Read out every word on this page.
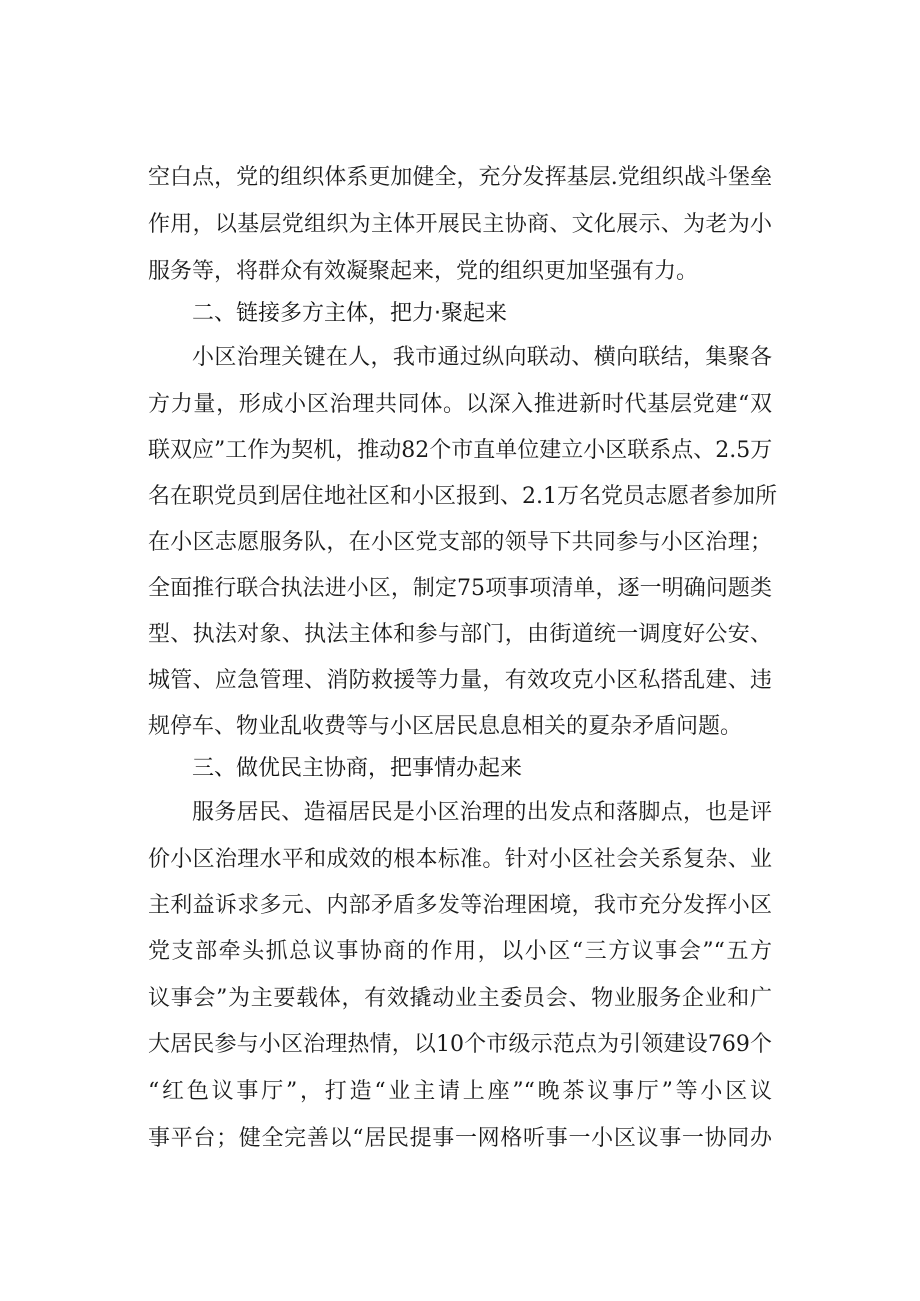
空白点，党的组织体系更加健全，充分发挥基层.党组织战斗堡垒
作用，以基层党组织为主体开展民主协商、文化展示、为老为小
服务等，将群众有效凝聚起来，党的组织更加坚强有力。
二、链接多方主体，把力·聚起来
小区治理关键在人，我市通过纵向联动、横向联结，集聚各
方力量，形成小区治理共同体。以深入推进新时代基层党建“双
联双应”工作为契机，推动82个市直单位建立小区联系点、2.5万
名在职党员到居住地社区和小区报到、2.1万名党员志愿者参加所
在小区志愿服务队，在小区党支部的领导下共同参与小区治理；
全面推行联合执法进小区，制定75项事项清单，逐一明确问题类
型、执法对象、执法主体和参与部门，由街道统一调度好公安、
城管、应急管理、消防救援等力量，有效攻克小区私搭乱建、违
规停车、物业乱收费等与小区居民息息相关的夏杂矛盾问题。
三、做优民主协商，把事情办起来
服务居民、造福居民是小区治理的出发点和落脚点，也是评
价小区治理水平和成效的根本标准。针对小区社会关系复杂、业
主利益诉求多元、内部矛盾多发等治理困境，我市充分发挥小区
党支部牵头抓总议事协商的作用，以小区“三方议事会”“五方
议事会”为主要载体，有效撬动业主委员会、物业服务企业和广
大居民参与小区治理热情，以10个市级示范点为引领建设769个
“红色议事厅”，打造“业主请上座”“晚茶议事厅”等小区议
事平台；健全完善以“居民提事一网格听事一小区议事一协同办
